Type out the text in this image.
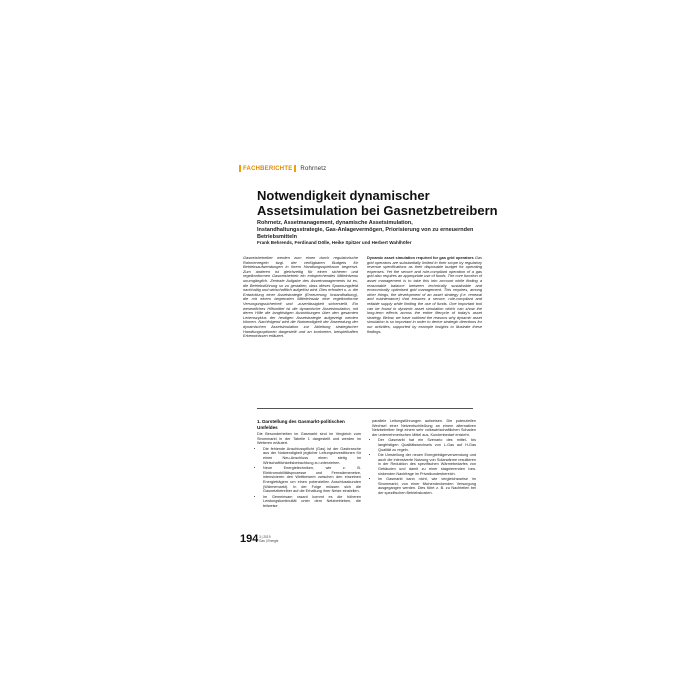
FACHBERICHTE Rohrnetz
Notwendigkeit dynamischer Assetsimulation bei Gasnetzbetreibern

Rohrnetz, Assetmanagement, dynamische Assetsimulation, Instandhaltungsstrategie, Gas-Anlagevermögen, Priorisierung von zu erneuernden Betriebsmitteln

Frank Behrends, Ferdinand Dölle, Heike Spitzer und Herbert Wahlhöfer

Gasnetzbetreiber werden zum einen durch regulatorische Rahmenregeln bzgl. der verfügbaren Budgets für Betriebsaufwendungen in ihrem Handlungsspielraum begrenzt. Zum anderen ist gleichzeitig für einen sicheren und regelkonformen Gasnetzbetrieb ein entsprechendes Mittelniveau unumgänglich. Zentrale Aufgabe des Assetmanagements ist es, die Betriebsführung so zu gestalten, dass dieses Spannungsfeld nachhaltig und wirtschaftlich aufgelöst wird. Dies erfordert u. a. die Entwicklung einer Assetstrategie (Erneuerung, Instandhaltung), die mit einem begrenzten Mitteleinsatz eine regelkonforme Versorgungssicherheit und -zuverlässigkeit sicherstellt. Ein wesentliches Hilfsmittel ist die dynamische Assetsimulation, mit deren Hilfe die langfristigen Auswirkungen über den gesamten Lebenszyklus der heutigen Assetstrategie aufgezeigt werden können. Nachfolgend wird die Notwendigkeit der Anwendung der dynamischen Assetsimulation zur Ableitung strategischer Handlungsoptionen dargestellt und an konkreten, beispielhaften Erkenntnissen erläutert.

Dynamic asset simulation required for gas grid operators Gas grid operators are substantially limited in their scope by regulatory revenue specifications as their disposable budget for operating expenses. Yet the secure and rule-compliant operation of a gas grid also requires an appropriate use of funds. The core function of asset management is to take this into account while finding a reasonable balance between technically sustainable and economically optimised grid management. This requires, among other things, the development of an asset strategy (i.e. renewal and maintenance) that ensures a secure, rule-compliant and reliable supply while limiting the use of funds. One important tool can be found in dynamic asset simulation which can show the long-term effects across the entire lifecycle of today's asset strategy. Below, we have outlined the reasons why dynamic asset simulation is so important in order to derive strategic directions for our activities, supported by example insights to illustrate these findings.
1. Darstellung des Gasmarkt-politischen Umfeldes

Die Besonderheiten im Gasmarkt sind im Vergleich zum Strommarkt in der Tabelle 1 dargestellt und werden im Weiteren erläutert.

• Die fehlende Anschlusspflicht (Gas) ist der Gasbranche aus der Notwendigkeit jeglicher Leitungsinvestitionen für einen Neu-Anschluss einen stetig im Wirtschaftlichkeitsbetrachtung zu unterziehen.
• Neue Energietechniken, wie z. B. Elektromobilitätsprozesse und Fernwärmenetze, intensivieren den Wettbewerb zwischen den einzelnen Energieträgern um einen potenziellen Anschlusskunden (Wärmemarkt). In der Folge müssen sich die Gasnetzbetreiber auf die Erhaltung ihrer Netze einstellen.
• Im Gemeinsam rasant kommt es die höheren Leistungskontinuität unter dem Netzbetrieben, die teilweise

parallele Leitungsführungen aufweisen. Die potenziellen Wechsel einer Netzentschließung an einem alternativen Netzbetreiber liegt einem sehr volkswirtschaftlichen Schaden der unternehmerischen Mittel aus, Kundenbedarf entzieht.

• Der Gasmarkt hat ein Szenario des mittel- bis langfristigen Qualitätswechsels von L-Gas auf H-Gas Qualität zu regeln.
• Die Umstellung der neuen Energieträgerverwendung und auch die intensiverte Nutzung von Solarwärme resultieren in der Reduktion des spezifischen Wärmebedarfes von Gebäuden und damit zu einer stagnierenden bzw. sinkenden Nachfrage im Privatkundenbereich.
• Im Gasmarkt kann nicht, wie vergleichsweise im Strommarkt, von einer flächendeckenden Versorgung ausgegangen werden. Dies führt z. B. zu Nachteilen bei der spezifischen Betriebskosten.
194 3 | 2019
Gas | Energie
